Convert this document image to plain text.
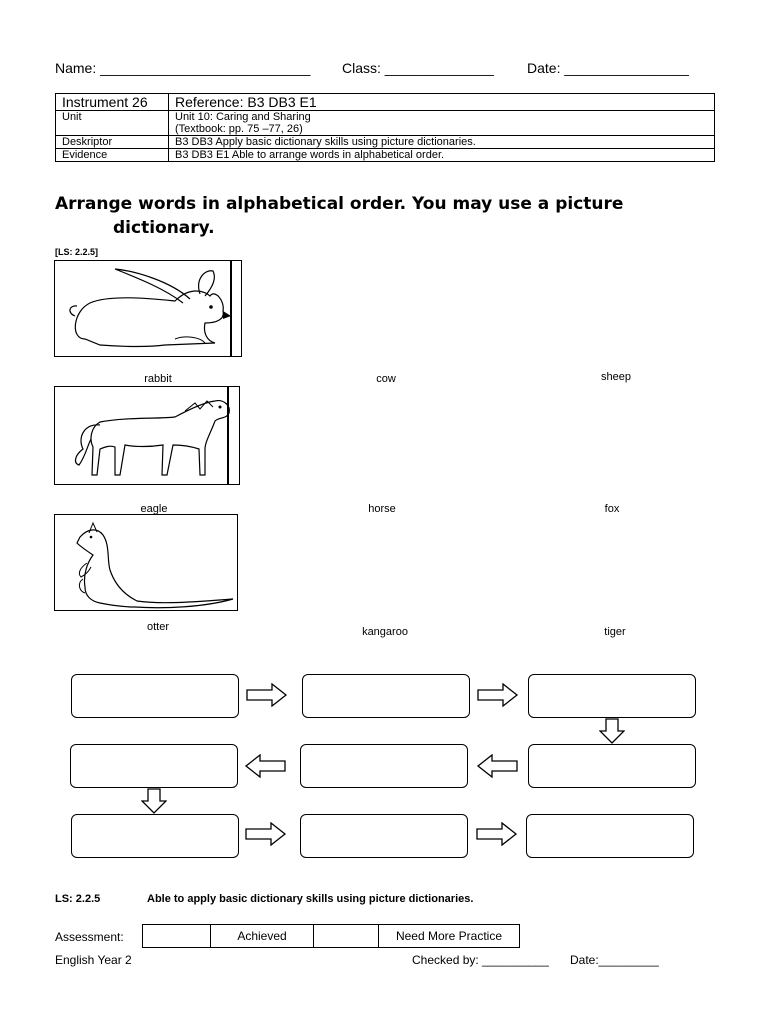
Name: ___________________________ Class: ______________ Date: ________________
Instrument 26	Reference: B3 DB3 E1
Unit	Unit 10: Caring and Sharing
(Textbook: pp. 75 –77, 26)

Deskriptor	B3 DB3 Apply basic dictionary skills using picture dictionaries.
Evidence	B3 DB3 E1 Able to arrange words in alphabetical order.
Arrange words in alphabetical order. You may use a picture
dictionary.
[LS: 2.2.5]
rabbit	cow	sheep
eagle	horse	fox
otter	kangaroo	tiger
LS: 2.2.5	Able to apply basic dictionary skills using picture dictionaries.
Assessment:
		Achieved		Need More Practice
English Year 2	Checked by: __________ Date:_________
